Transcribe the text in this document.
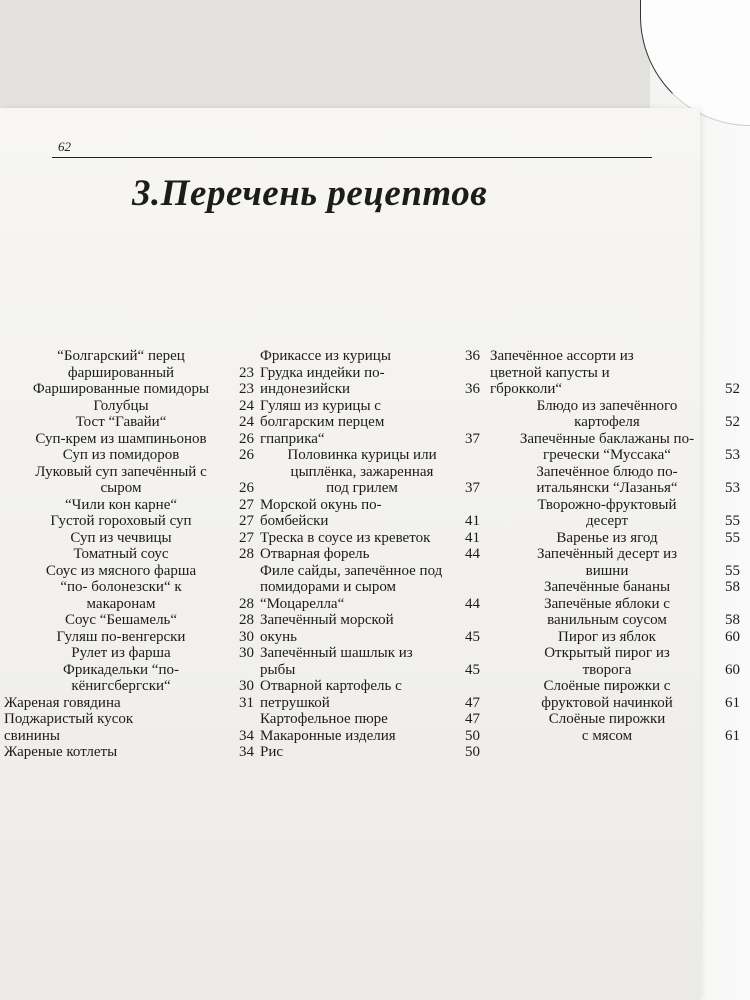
62
3.Перечень рецептов
“Болгарский“ перец
фаршированный	23
Фаршированные помидоры	23
Голубцы	24
Тост “Гавайи“	24
Суп-крем из шампиньонов	26
Суп из помидоров	26
Луковый суп запечённый с
сыром	26
“Чили кон карне“	27
Густой гороховый суп	27
Суп из чечвицы	27
Томатный соус	28
Соус из мясного фарша
“по- болонезски“ к
макаронам	28
Соус “Бешамель“	28
Гуляш по-венгерски	30
Рулет из фарша	30
Фрикадельки “по-
кёнигсбергски“	30
Жареная говядина	31
Поджаристый кусок
свинины	34
Жареные котлеты	34
Фрикассе из курицы	36
Грудка индейки по-
индонезийски	36
Гуляш из курицы с
болгарским перцем
гпаприка“	37
Половинка курицы или
цыплёнка, зажаренная
под грилем	37
Морской окунь по-
бомбейски	41
Треска в соусе из креветок	41
Отварная форель	44
Филе сайды, запечённое под
помидорами и сыром
“Моцарелла“	44
Запечённый морской
окунь	45
Запечённый шашлык из
рыбы	45
Отварной картофель с
петрушкой	47
Картофельное пюре	47
Макаронные изделия	50
Рис	50
Запечённое ассорти из
цветной капусты и
гброкколи“	52
Блюдо из запечённого
картофеля	52
Запечённые баклажаны по-
гречески “Муссака“	53
Запечённое блюдо по-
итальянски “Лазанья“	53
Творожно-фруктовый
десерт	55
Варенье из ягод	55
Запечённый десерт из
вишни	55
Запечённые бананы	58
Запечёные яблоки с
ванильным соусом	58
Пирог из яблок	60
Открытый пирог из
творога	60
Слоёные пирожки с
фруктовой начинкой	61
Слоёные пирожки
с мясом	61
